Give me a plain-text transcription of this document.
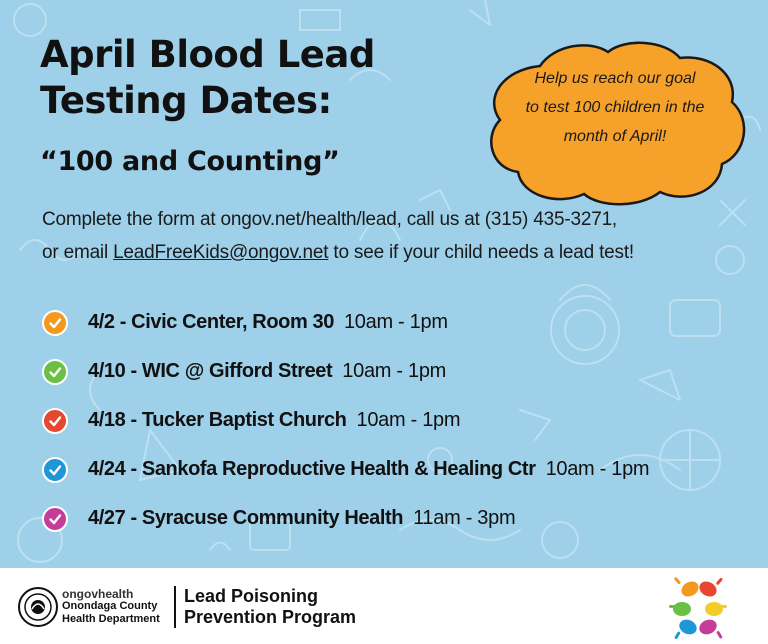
April Blood Lead
Testing Dates:
“100 and Counting”
Help us reach our goal
to test 100 children in the
month of April!
Complete the form at ongov.net/health/lead, call us at (315) 435-3271,
or email LeadFreeKids@ongov.net to see if your child needs a lead test!
4/2 - Civic Center, Room 30 10am - 1pm
4/10 - WIC @ Gifford Street 10am - 1pm
4/18 - Tucker Baptist Church 10am - 1pm
4/24 - Sankofa Reproductive Health & Healing Ctr 10am - 1pm
4/27 - Syracuse Community Health 11am - 3pm
ongovhealth
Onondaga County
Health Department
Lead Poisoning
Prevention Program
